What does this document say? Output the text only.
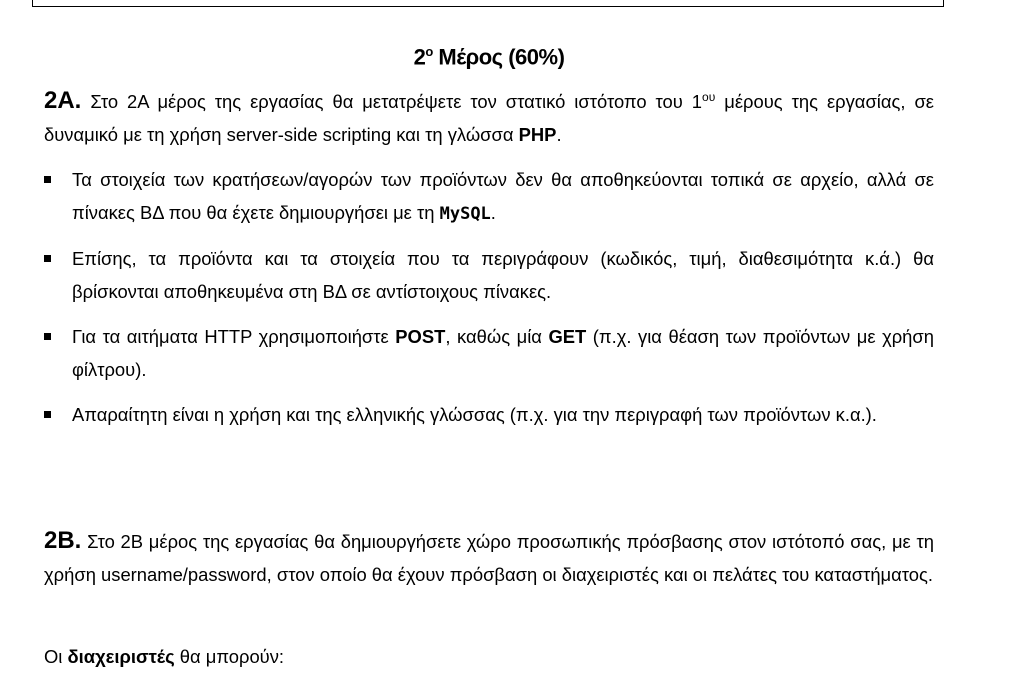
$2^o$ Μέρος (60%)
2Α. Στο 2Α μέρος της εργασίας θα μετατρέψετε τον στατικό ιστότοπο του $1^{o\upsilon}$ μέρους της εργασίας, σε δυναμικό με τη χρήση server-side scripting και τη γλώσσα PHP.
Τα στοιχεία των κρατήσεων/αγορών των προϊόντων δεν θα αποθηκεύονται τοπικά σε αρχείο, αλλά σε πίνακες ΒΔ που θα έχετε δημιουργήσει με τη MySQL.
Επίσης, τα προϊόντα και τα στοιχεία που τα περιγράφουν (κωδικός, τιμή, διαθεσιμότητα κ.ά.) θα βρίσκονται αποθηκευμένα στη ΒΔ σε αντίστοιχους πίνακες.
Για τα αιτήματα HTTP χρησιμοποιήστε POST, καθώς μία GET (π.χ. για θέαση των προϊόντων με χρήση φίλτρου).
Απαραίτητη είναι η χρήση και της ελληνικής γλώσσας (π.χ. για την περιγραφή των προϊόντων κ.α.).
2Β. Στο 2Β μέρος της εργασίας θα δημιουργήσετε χώρο προσωπικής πρόσβασης στον ιστότοπό σας, με τη χρήση username/password, στον οποίο θα έχουν πρόσβαση οι διαχειριστές και οι πελάτες του καταστήματος.
Οι διαχειριστές θα μπορούν:
